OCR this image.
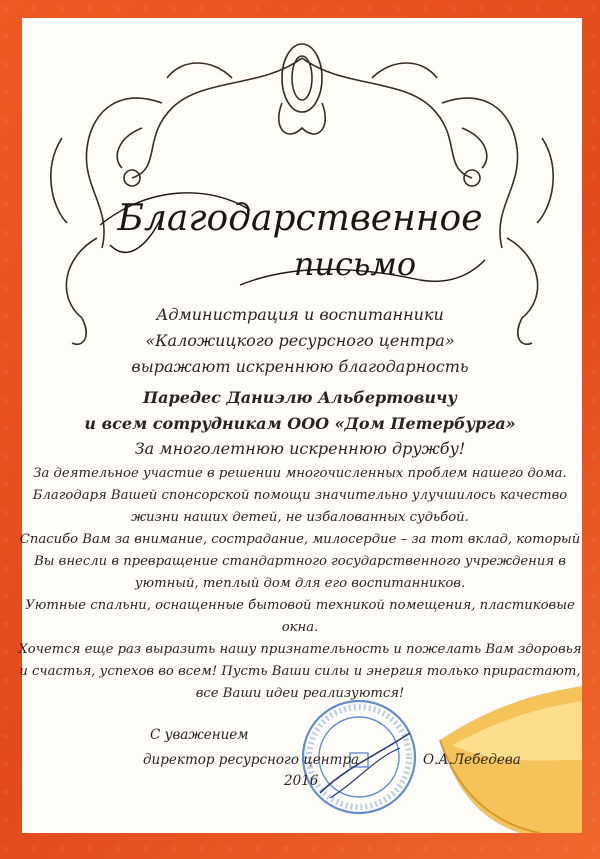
Благодарственное
письмо
Администрация и воспитанники
«Каложицкого ресурсного центра»
выражают искреннюю благодарность
Паредес Даниэлю Альбертовичу
и всем сотрудникам ООО «Дом Петербурга»
За многолетнюю искреннюю дружбу!
За деятельное участие в решении многочисленных проблем нашего дома.
Благодаря Вашей спонсорской помощи значительно улучшилось качество
жизни наших детей, не избалованных судьбой.
Спасибо Вам за внимание, сострадание, милосердие – за тот вклад, который
Вы внесли в превращение стандартного государственного учреждения в
уютный, теплый дом для его воспитанников.
Уютные спальни, оснащенные бытовой техникой помещения, пластиковые
окна.
Хочется еще раз выразить нашу признательность и пожелать Вам здоровья
и счастья, успехов во всем! Пусть Ваши силы и энергия только прирастают,
все Ваши идеи реализуются!
С уважением
директор ресурсного центра	О.А.Лебедева
2016
